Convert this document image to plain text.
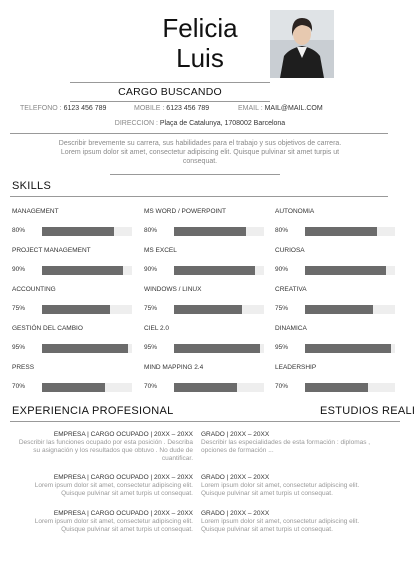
Felicia
Luis
CARGO BUSCANDO
TELEFONO : 6123 456 789	MOBILE : 6123 456 789	EMAIL : MAIL@MAIL.COM
DIRECCION : Plaça de Catalunya, 1708002 Barcelona
Describir brevemente su carrera, sus habilidades para el trabajo y sus objetivos de carrera. Lorem ipsum dolor sit amet, consectetur adipiscing elit. Quisque pulvinar sit amet turpis ut consequat.
SKILLS
MANAGEMENT
80%
MS WORD / POWERPOINT
80%
AUTONOMIA
80%
PROJECT MANAGEMENT
90%
MS EXCEL
90%
CURIOSA
90%
ACCOUNTING
75%
WINDOWS / LINUX
75%
CREATIVA
75%
GESTIÓN DEL CAMBIO
95%
CIEL 2.0
95%
DINAMICA
95%
PRESS
70%
MIND MAPPING 2.4
70%
LEADERSHIP
70%
EXPERIENCIA PROFESIONAL	ESTUDIOS REALI
EMPRESA | CARGO OCUPADO | 20XX – 20XX
Describir las funciones ocupado por esta posición . Describa su asignación y los resultados que obtuvo . No dude de cuantificar.
EMPRESA | CARGO OCUPADO | 20XX – 20XX
Lorem ipsum dolor sit amet, consectetur adipiscing elit. Quisque pulvinar sit amet turpis ut consequat.
EMPRESA | CARGO OCUPADO | 20XX – 20XX
Lorem ipsum dolor sit amet, consectetur adipiscing elit. Quisque pulvinar sit amet turpis ut consequat.
GRADO | 20XX – 20XX
Describir las especialidades de esta formación : diplomas , opciones de formación ...
GRADO | 20XX – 20XX
Lorem ipsum dolor sit amet, consectetur adipiscing elit. Quisque pulvinar sit amet turpis ut consequat.
GRADO | 20XX – 20XX
Lorem ipsum dolor sit amet, consectetur adipiscing elit. Quisque pulvinar sit amet turpis ut consequat.
